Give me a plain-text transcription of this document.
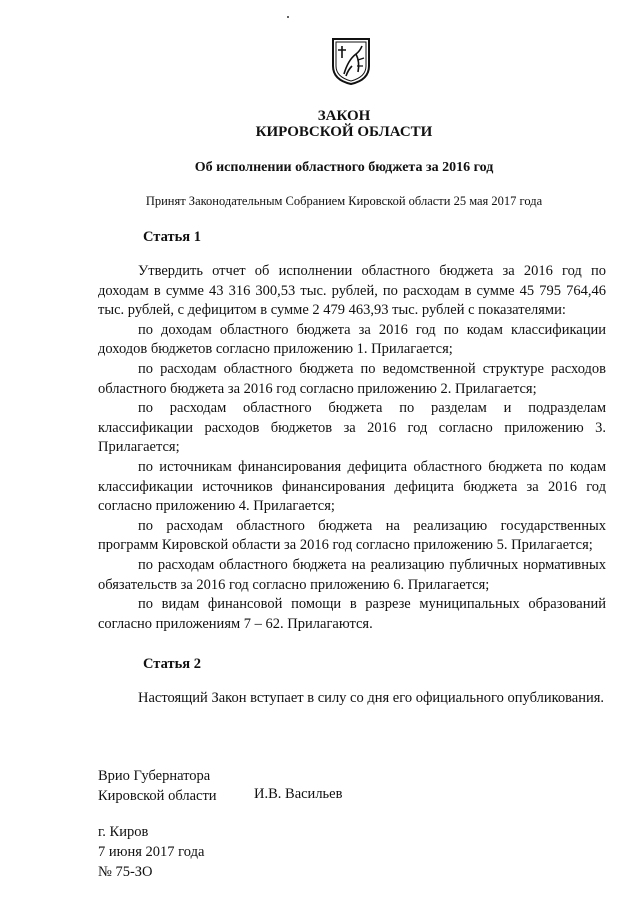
ЗАКОН
КИРОВСКОЙ ОБЛАСТИ
Об исполнении областного бюджета за 2016 год
Принят Законодательным Собранием Кировской области 25 мая 2017 года
Статья 1

Утвердить отчет об исполнении областного бюджета за 2016 год по доходам в сумме 43 316 300,53 тыс. рублей, по расходам в сумме 45 795 764,46 тыс. рублей, с дефицитом в сумме 2 479 463,93 тыс. рублей с показателями:

по доходам областного бюджета за 2016 год по кодам классификации доходов бюджетов согласно приложению 1. Прилагается;

по расходам областного бюджета по ведомственной структуре расходов областного бюджета за 2016 год согласно приложению 2. Прилагается;

по расходам областного бюджета по разделам и подразделам классификации расходов бюджетов за 2016 год согласно приложению 3. Прилагается;

по источникам финансирования дефицита областного бюджета по кодам классификации источников финансирования дефицита бюджета за 2016 год согласно приложению 4. Прилагается;

по расходам областного бюджета на реализацию государственных программ Кировской области за 2016 год согласно приложению 5. Прилагается;

по расходам областного бюджета на реализацию публичных нормативных обязательств за 2016 год согласно приложению 6. Прилагается;

по видам финансовой помощи в разрезе муниципальных образований согласно приложениям 7 – 62. Прилагаются.

Статья 2

Настоящий Закон вступает в силу со дня его официального опубликования.

Врио Губернатора
Кировской области	И.В. Васильев
г. Киров
7 июня 2017 года
№ 75-ЗО
